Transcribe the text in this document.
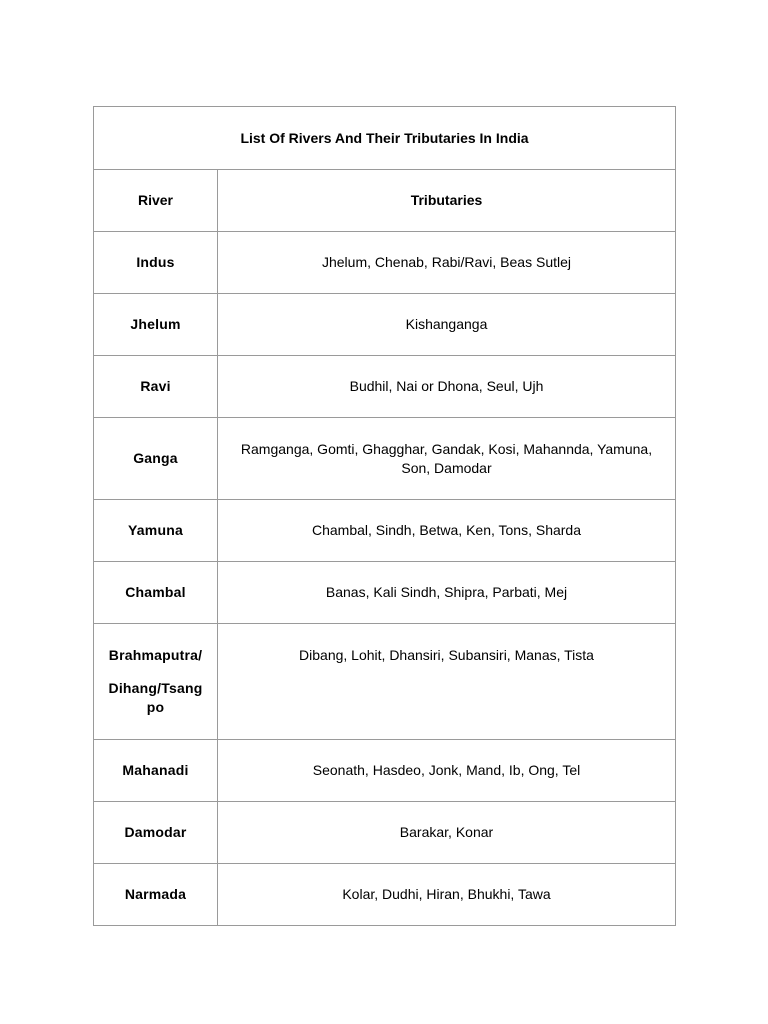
List Of Rivers And Their Tributaries In India	
River	Tributaries
Indus	Jhelum, Chenab, Rabi/Ravi, Beas Sutlej
Jhelum	Kishanganga
Ravi	Budhil, Nai or Dhona, Seul, Ujh
Ganga	Ramganga, Gomti, Ghagghar, Gandak, Kosi, Mahannda, Yamuna, Son, Damodar
Yamuna	Chambal, Sindh, Betwa, Ken, Tons, Sharda
Chambal	Banas, Kali Sindh, Shipra, Parbati, Mej

Brahmaputra/
Dihang/Tsang po	Dibang, Lohit, Dhansiri, Subansiri, Manas, Tista
Mahanadi	Seonath, Hasdeo, Jonk, Mand, Ib, Ong, Tel
Damodar	Barakar, Konar
Narmada	Kolar, Dudhi, Hiran, Bhukhi, Tawa
